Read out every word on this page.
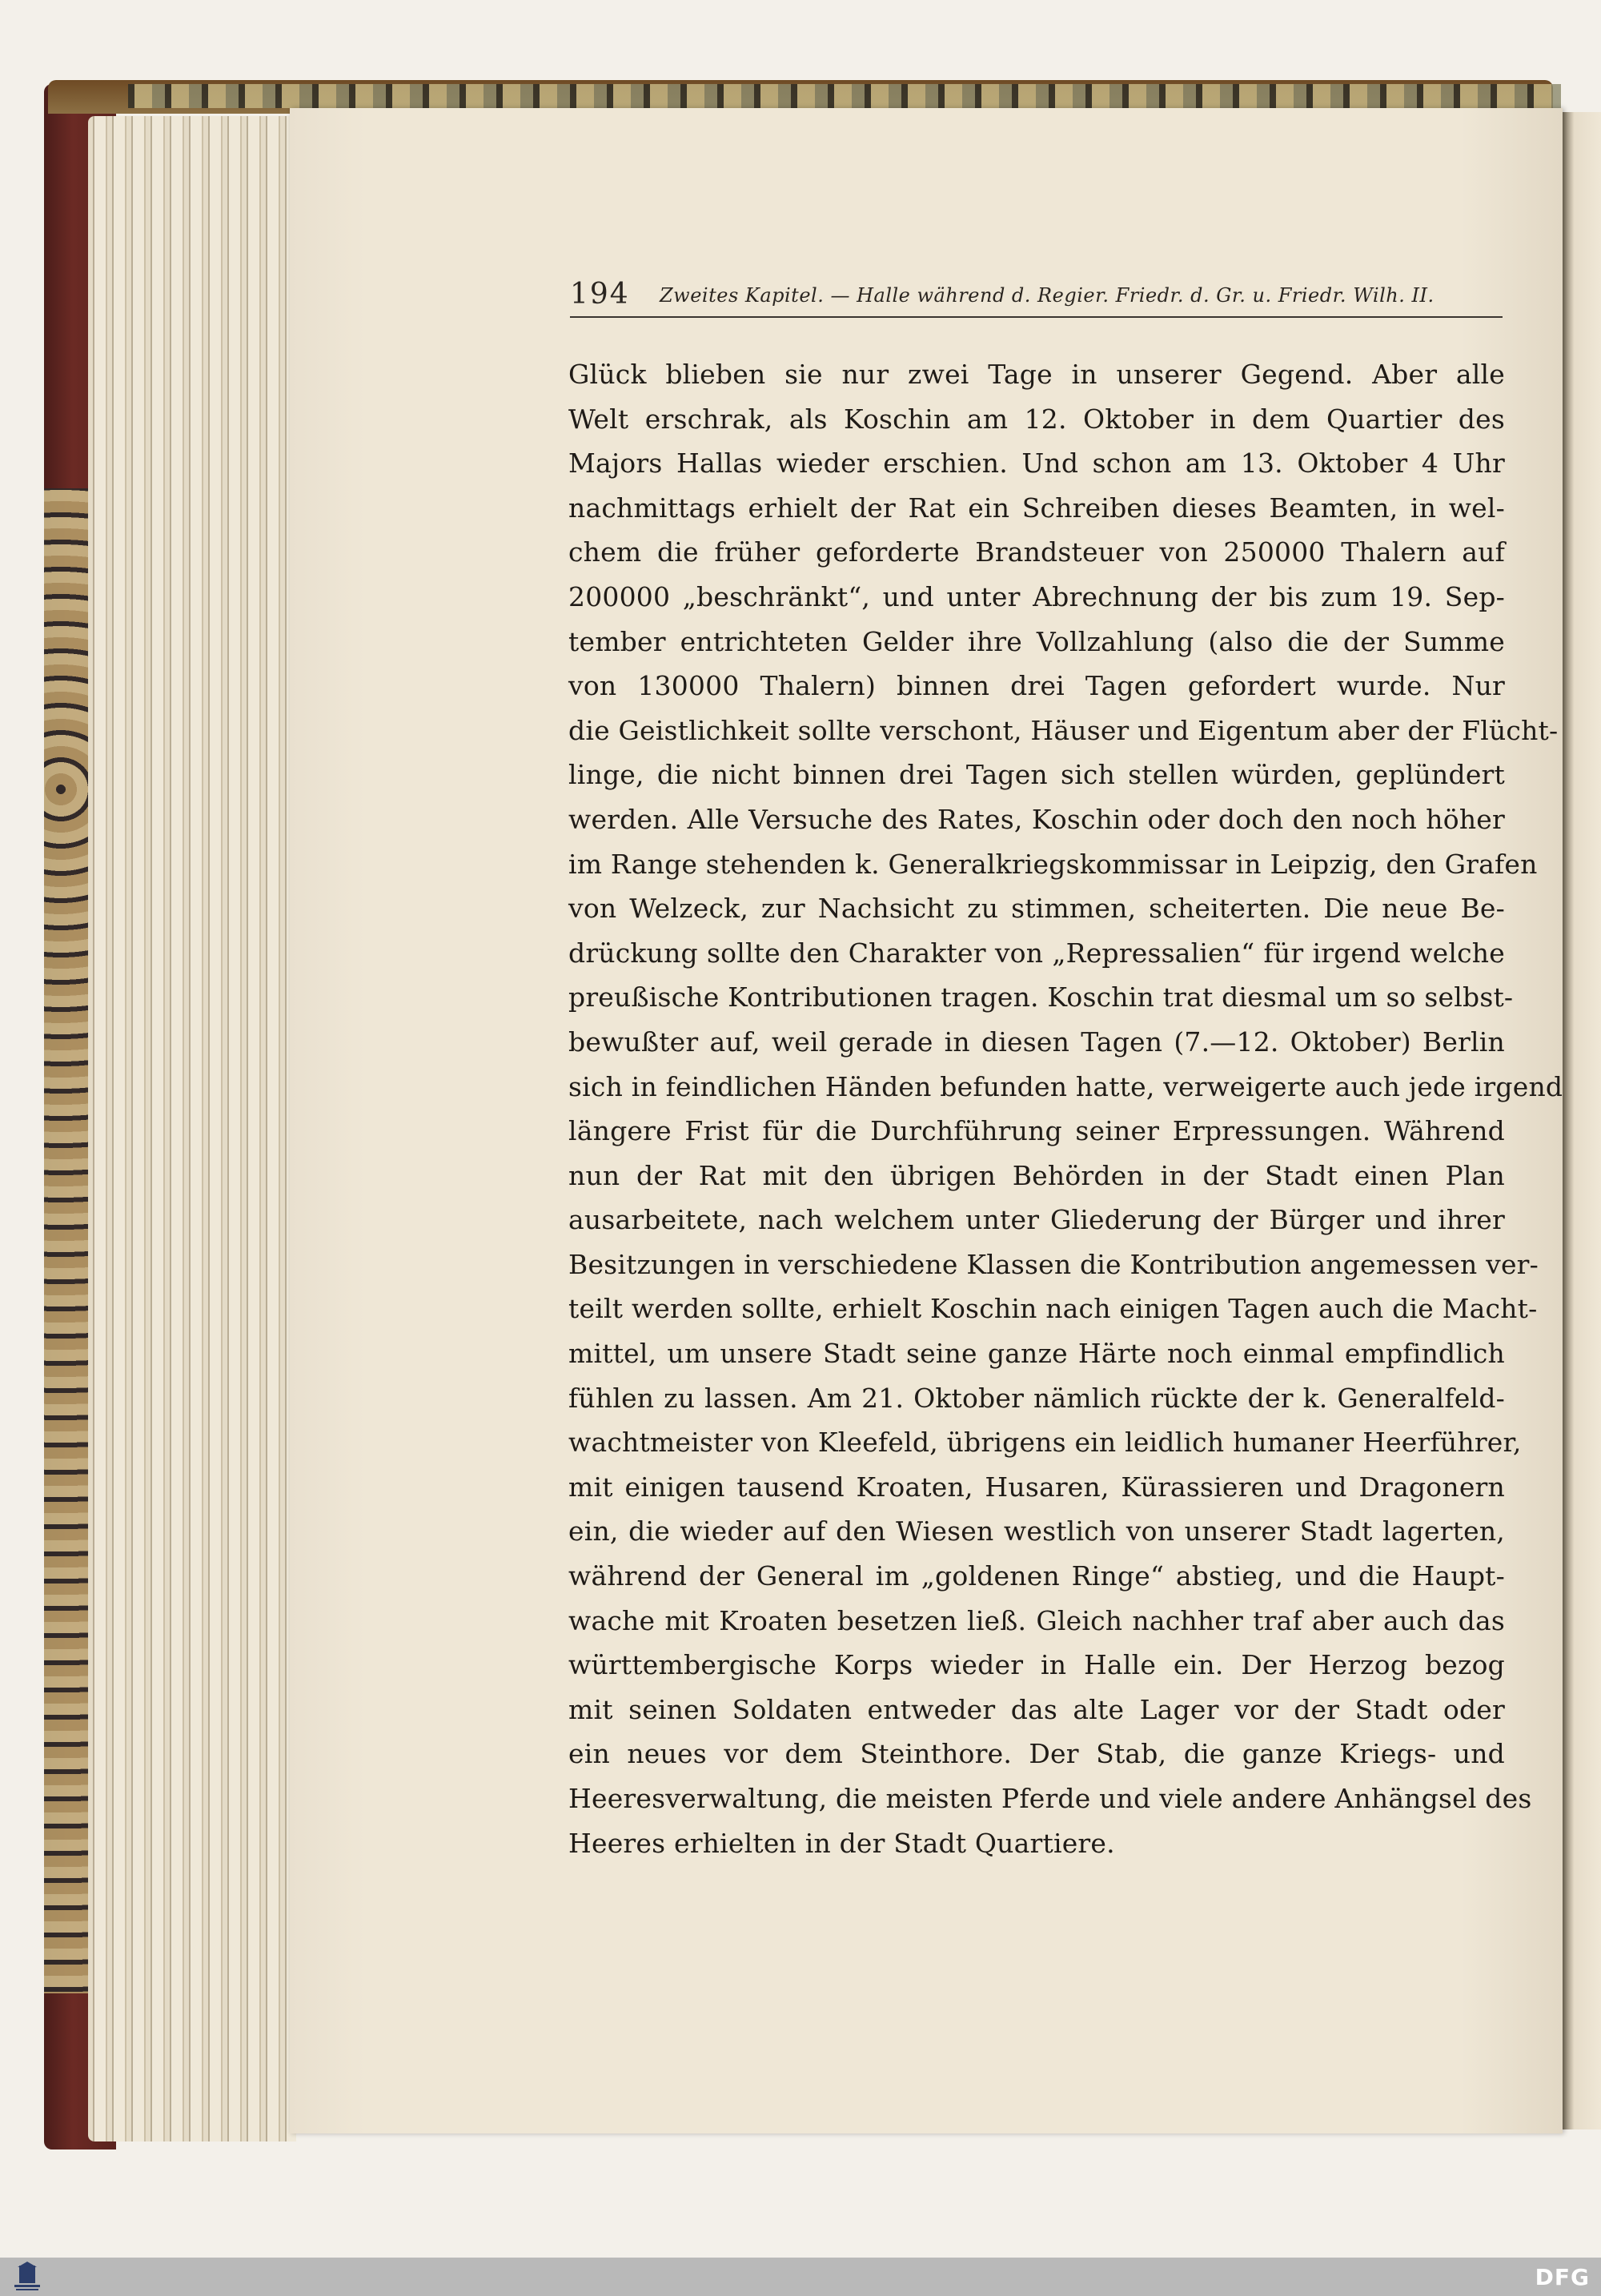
194 Zweites Kapitel. — Halle während d. Regier. Friedr. d. Gr. u. Friedr. Wilh. II.
Glück blieben sie nur zwei Tage in unserer Gegend. Aber alle
Welt erschrak, als Koschin am 12. Oktober in dem Quartier des
Majors Hallas wieder erschien. Und schon am 13. Oktober 4 Uhr
nachmittags erhielt der Rat ein Schreiben dieses Beamten, in wel-
chem die früher geforderte Brandsteuer von 250000 Thalern auf
200000 „beschränkt“, und unter Abrechnung der bis zum 19. Sep-
tember entrichteten Gelder ihre Vollzahlung (also die der Summe
von 130000 Thalern) binnen drei Tagen gefordert wurde. Nur
die Geistlichkeit sollte verschont, Häuser und Eigentum aber der Flücht-
linge, die nicht binnen drei Tagen sich stellen würden, geplündert
werden. Alle Versuche des Rates, Koschin oder doch den noch höher
im Range stehenden k. Generalkriegskommissar in Leipzig, den Grafen
von Welzeck, zur Nachsicht zu stimmen, scheiterten. Die neue Be-
drückung sollte den Charakter von „Repressalien“ für irgend welche
preußische Kontributionen tragen. Koschin trat diesmal um so selbst-
bewußter auf, weil gerade in diesen Tagen (7.—12. Oktober) Berlin
sich in feindlichen Händen befunden hatte, verweigerte auch jede irgend
längere Frist für die Durchführung seiner Erpressungen. Während
nun der Rat mit den übrigen Behörden in der Stadt einen Plan
ausarbeitete, nach welchem unter Gliederung der Bürger und ihrer
Besitzungen in verschiedene Klassen die Kontribution angemessen ver-
teilt werden sollte, erhielt Koschin nach einigen Tagen auch die Macht-
mittel, um unsere Stadt seine ganze Härte noch einmal empfindlich
fühlen zu lassen. Am 21. Oktober nämlich rückte der k. Generalfeld-
wachtmeister von Kleefeld, übrigens ein leidlich humaner Heerführer,
mit einigen tausend Kroaten, Husaren, Kürassieren und Dragonern
ein, die wieder auf den Wiesen westlich von unserer Stadt lagerten,
während der General im „goldenen Ringe“ abstieg, und die Haupt-
wache mit Kroaten besetzen ließ. Gleich nachher traf aber auch das
württembergische Korps wieder in Halle ein. Der Herzog bezog
mit seinen Soldaten entweder das alte Lager vor der Stadt oder
ein neues vor dem Steinthore. Der Stab, die ganze Kriegs- und
Heeresverwaltung, die meisten Pferde und viele andere Anhängsel des
Heeres erhielten in der Stadt Quartiere.
DFG
